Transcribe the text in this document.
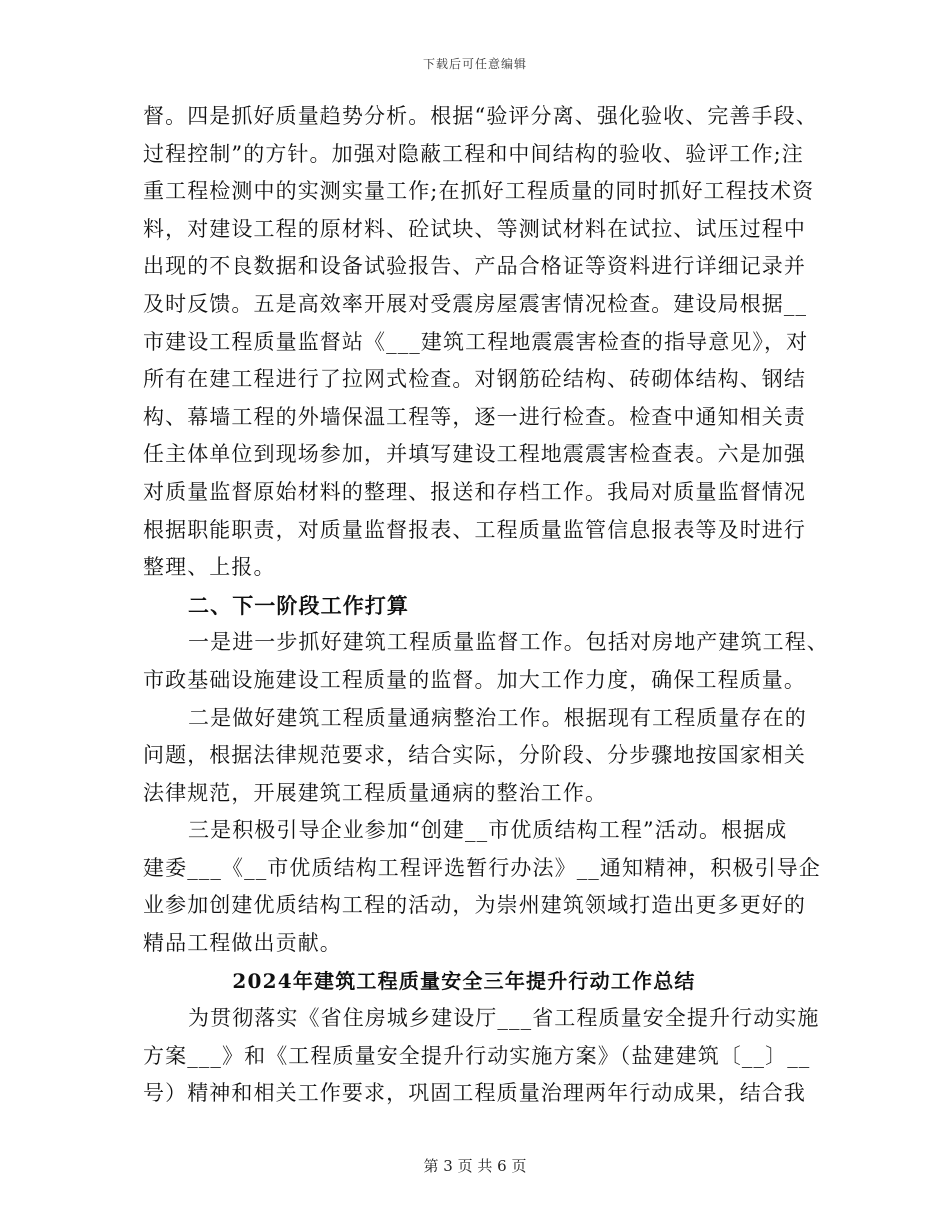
下载后可任意编辑
督。四是抓好质量趋势分析。根据“验评分离、强化验收、完善手段、
过程控制”的方针。加强对隐蔽工程和中间结构的验收、验评工作;注
重工程检测中的实测实量工作;在抓好工程质量的同时抓好工程技术资
料，对建设工程的原材料、砼试块、等测试材料在试拉、试压过程中
出现的不良数据和设备试验报告、产品合格证等资料进行详细记录并
及时反馈。五是高效率开展对受震房屋震害情况检查。建设局根据__
市建设工程质量监督站《___建筑工程地震震害检查的指导意见》，对
所有在建工程进行了拉网式检查。对钢筋砼结构、砖砌体结构、钢结
构、幕墙工程的外墙保温工程等，逐一进行检查。检查中通知相关责
任主体单位到现场参加，并填写建设工程地震震害检查表。六是加强
对质量监督原始材料的整理、报送和存档工作。我局对质量监督情况
根据职能职责，对质量监督报表、工程质量监管信息报表等及时进行
整理、上报。
二、下一阶段工作打算
一是进一步抓好建筑工程质量监督工作。包括对房地产建筑工程、
市政基础设施建设工程质量的监督。加大工作力度，确保工程质量。
二是做好建筑工程质量通病整治工作。根据现有工程质量存在的
问题，根据法律规范要求，结合实际，分阶段、分步骤地按国家相关
法律规范，开展建筑工程质量通病的整治工作。
三是积极引导企业参加“创建__市优质结构工程”活动。根据成
建委___《__市优质结构工程评选暂行办法》__通知精神，积极引导企
业参加创建优质结构工程的活动，为崇州建筑领域打造出更多更好的
精品工程做出贡献。
2024年建筑工程质量安全三年提升行动工作总结
为贯彻落实《省住房城乡建设厅___省工程质量安全提升行动实施
方案___》和《工程质量安全提升行动实施方案》（盐建建筑〔__〕__
号）精神和相关工作要求，巩固工程质量治理两年行动成果，结合我
第 3 页 共 6 页
